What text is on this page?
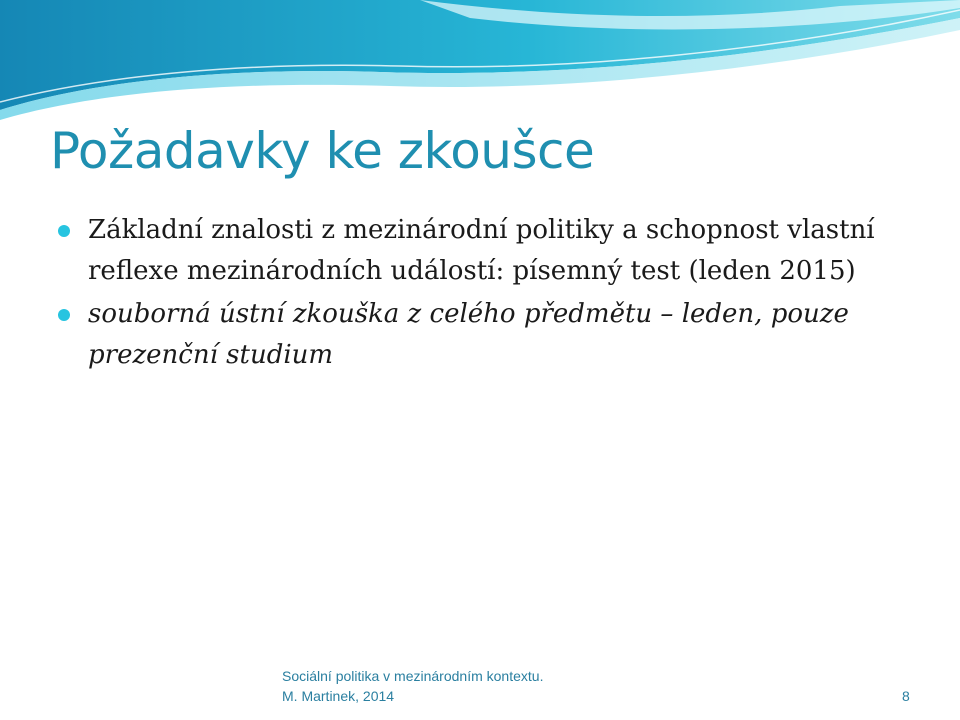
Požadavky ke zkoušce
Základní znalosti z mezinárodní politiky a schopnost vlastní reflexe mezinárodních událostí: písemný test (leden 2015)
souborná ústní zkouška z celého předmětu – leden, pouze prezenční studium
Sociální politika v mezinárodním kontextu.
M. Martinek, 2014	8
